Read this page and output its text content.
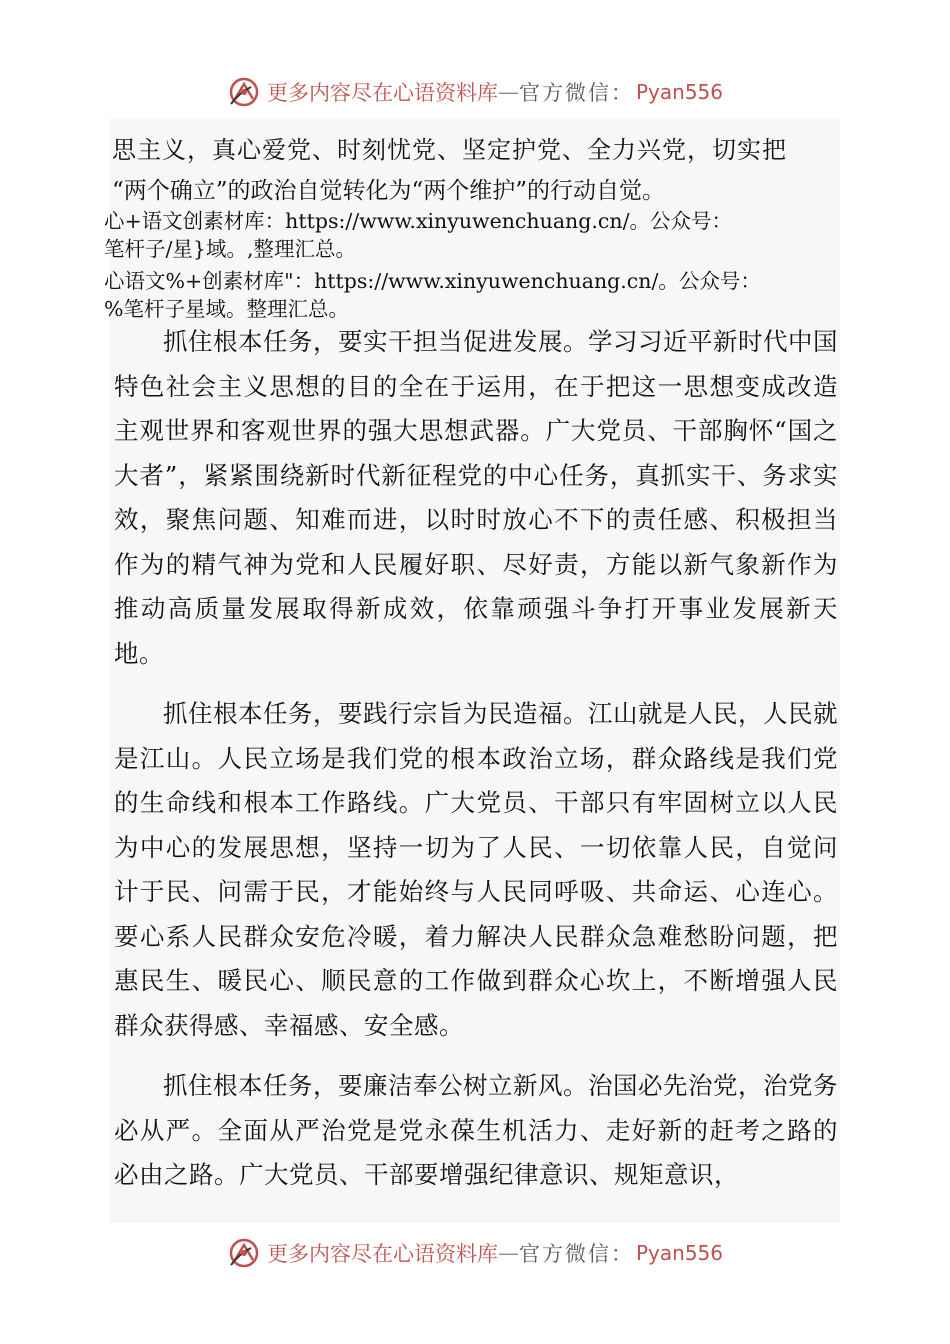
更多内容尽在心语资料库 — 官方微信： Pyan556
思主义，真心爱党、时刻忧党、坚定护党、全力兴党，切实把
“两个确立”的政治自觉转化为“两个维护”的行动自觉。
心+语文创素材库：https://www.xinyuwenchuang.cn/。公众号：
笔杆子/星}域。,整理汇总。
心语文%+创素材库"：https://www.xinyuwenchuang.cn/。公众号：
%笔杆子星域。整理汇总。

抓住根本任务，要实干担当促进发展。学习习近平新时代中国特色社会主义思想的目的全在于运用，在于把这一思想变成改造主观世界和客观世界的强大思想武器。广大党员、干部胸怀“国之大者”，紧紧围绕新时代新征程党的中心任务，真抓实干、务求实效，聚焦问题、知难而进，以时时放心不下的责任感、积极担当作为的精气神为党和人民履好职、尽好责，方能以新气象新作为推动高质量发展取得新成效，依靠顽强斗争打开事业发展新天地。

抓住根本任务，要践行宗旨为民造福。江山就是人民，人民就是江山。人民立场是我们党的根本政治立场，群众路线是我们党的生命线和根本工作路线。广大党员、干部只有牢固树立以人民为中心的发展思想，坚持一切为了人民、一切依靠人民，自觉问计于民、问需于民，才能始终与人民同呼吸、共命运、心连心。要心系人民群众安危冷暖，着力解决人民群众急难愁盼问题，把惠民生、暖民心、顺民意的工作做到群众心坎上，不断增强人民群众获得感、幸福感、安全感。

抓住根本任务，要廉洁奉公树立新风。治国必先治党，治党务必从严。全面从严治党是党永葆生机活力、走好新的赶考之路的必由之路。广大党员、干部要增强纪律意识、规矩意识，

更多内容尽在心语资料库 — 官方微信： Pyan556
